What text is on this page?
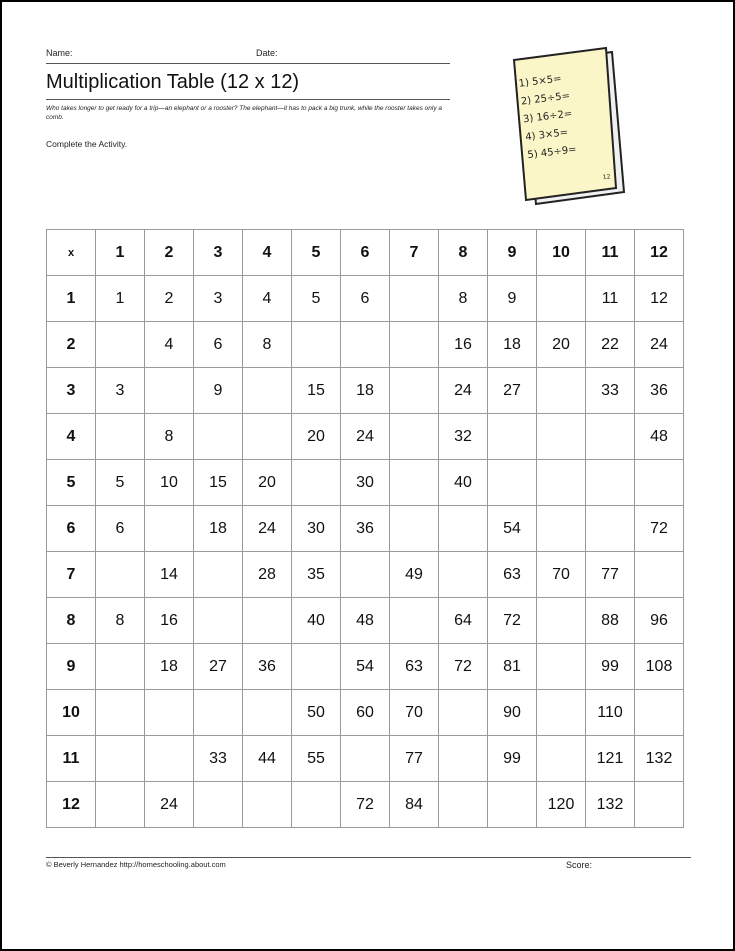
Name:	Date:
Multiplication Table (12 x 12)
Who takes longer to get ready for a trip—an elephant or a rooster? The elephant—it has to pack a big trunk, while the rooster takes only a comb.
Complete the Activity.
1) 5×5=
2) 25÷5=
3) 16÷2=
4) 3×5=
5) 45÷9=
12
x	1	2	3	4	5	6	7	8	9	10	11	12
1	1	2	3	4	5	6		8	9		11	12
2		4	6	8				16	18	20	22	24
3	3		9		15	18		24	27		33	36
4		8			20	24		32				48
5	5	10	15	20		30		40				
6	6		18	24	30	36			54			72
7		14		28	35		49		63	70	77	
8	8	16			40	48		64	72		88	96
9		18	27	36		54	63	72	81		99	108
10					50	60	70		90		110	
11			33	44	55		77		99		121	132
12		24				72	84			120	132	
© Beverly Hernandez http://homeschooling.about.com	Score:
